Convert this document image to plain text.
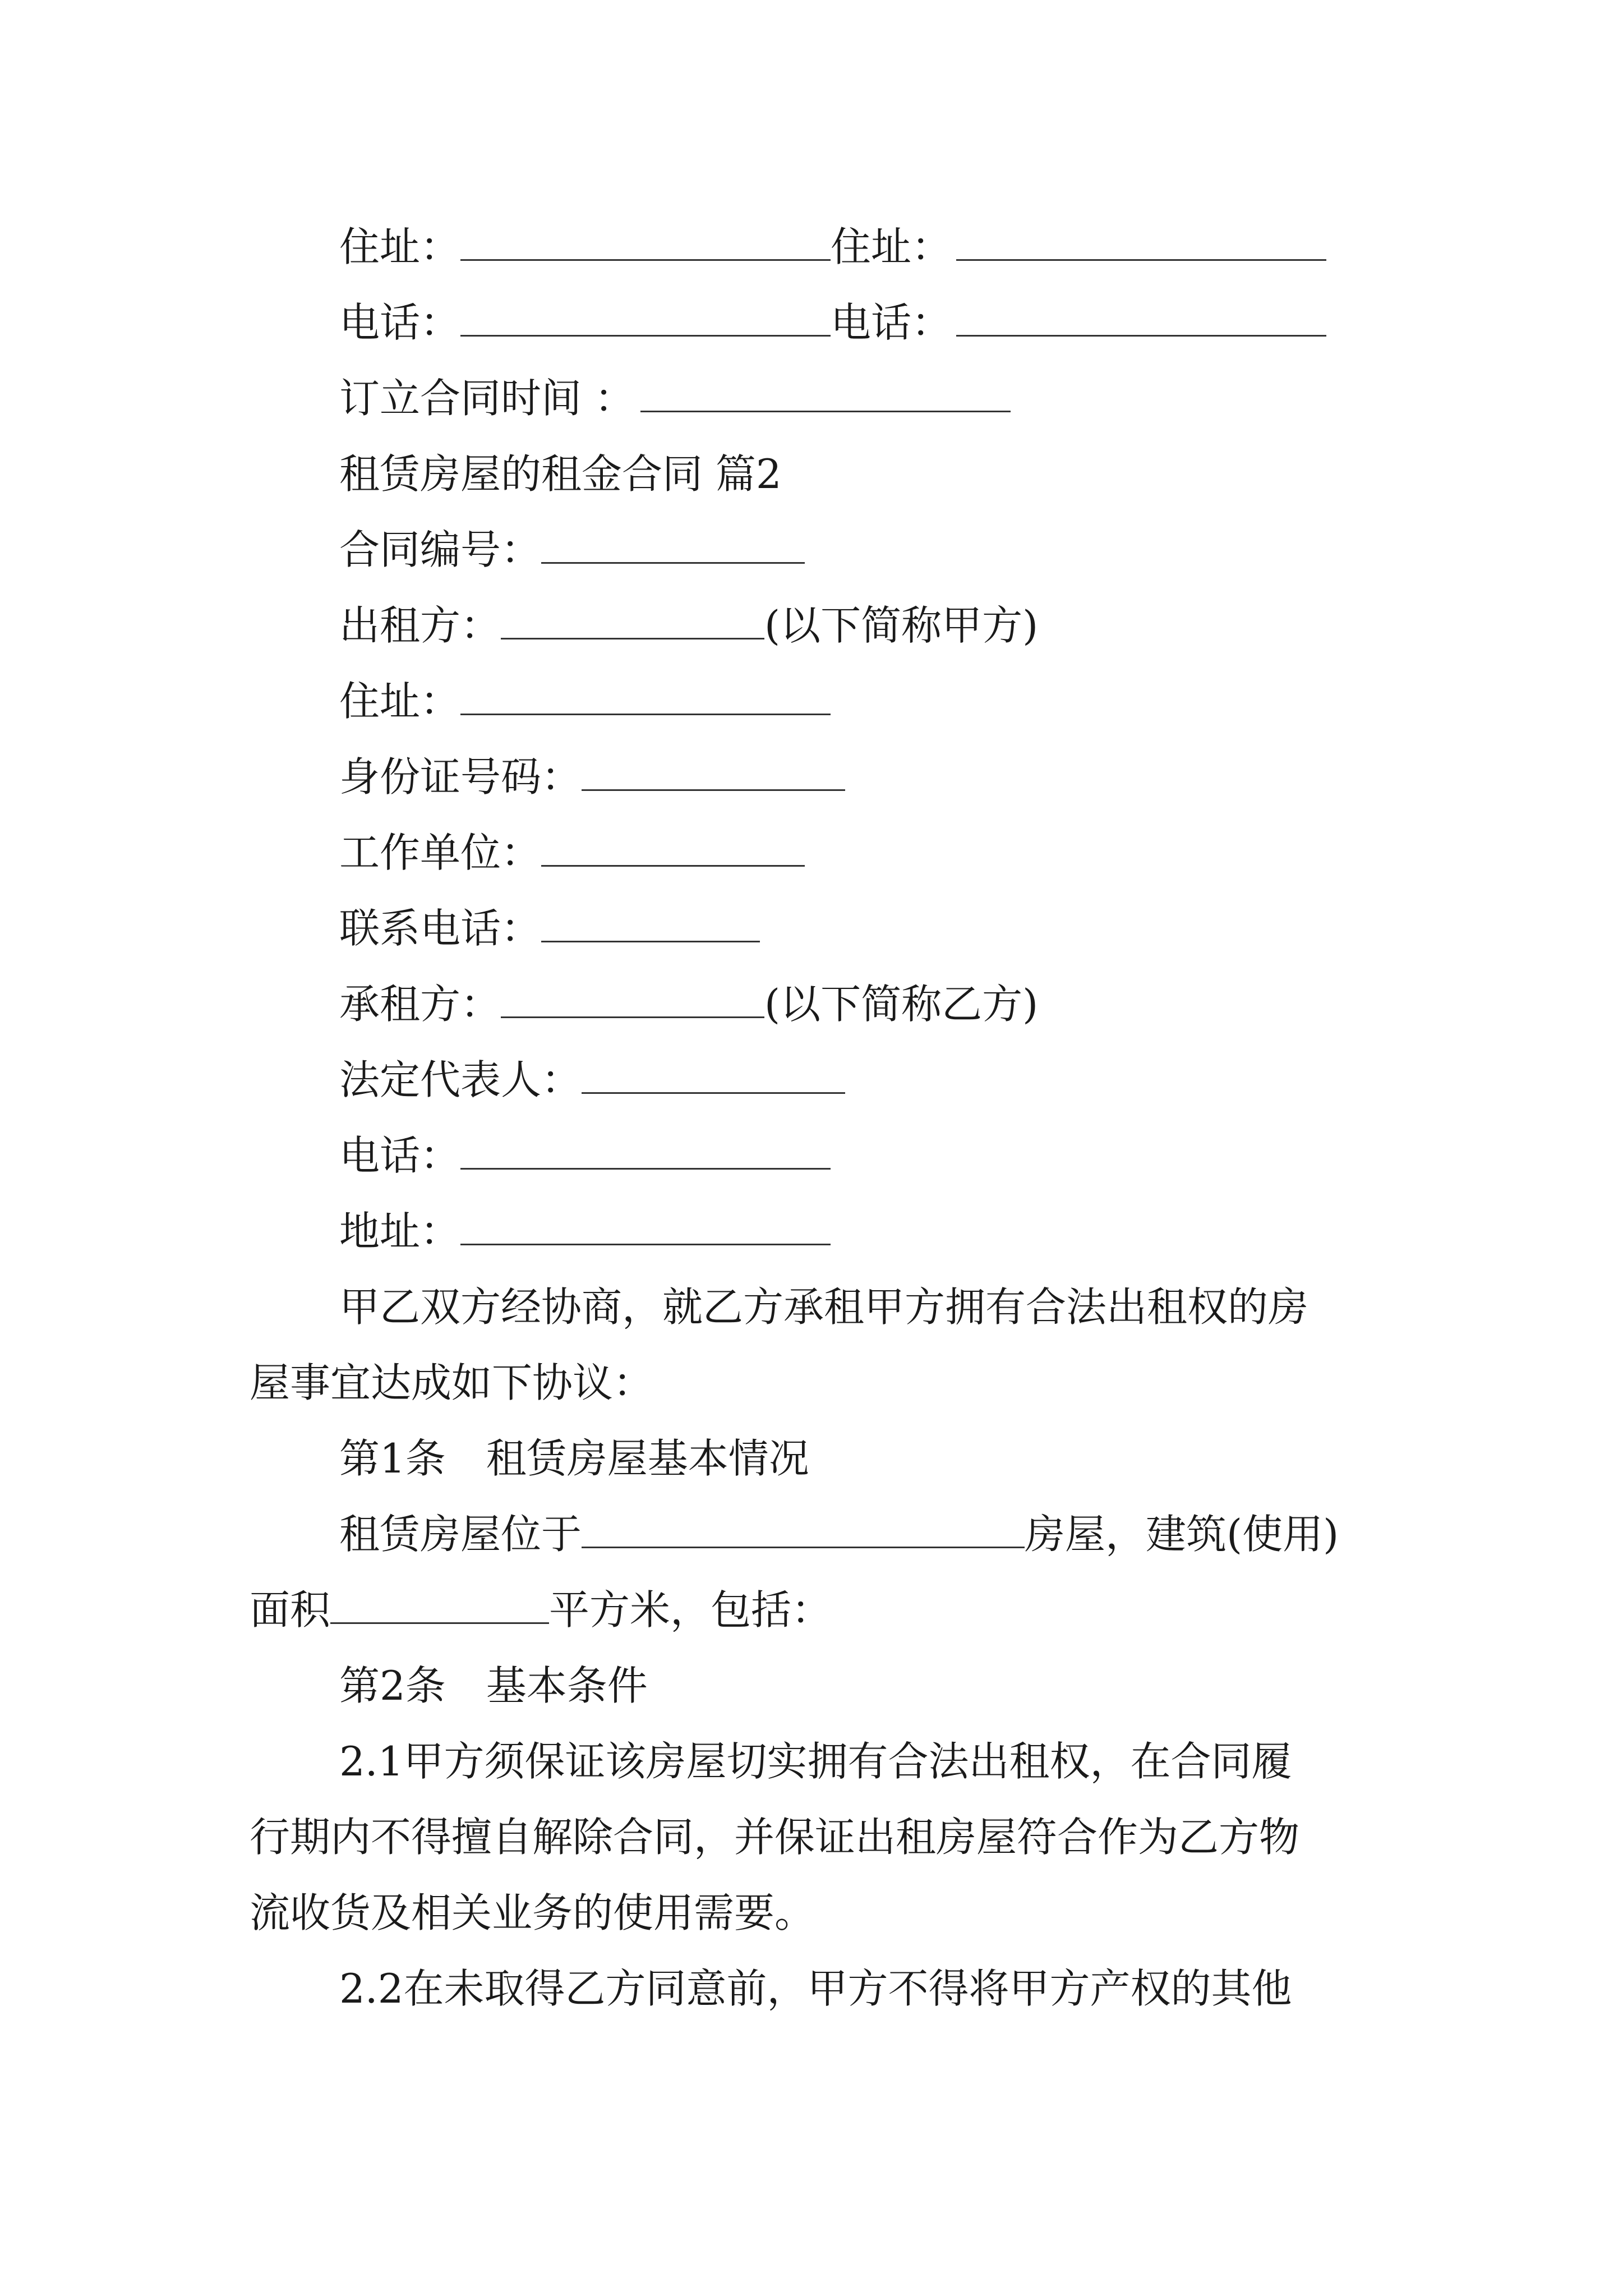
住址：	住址：
电话：	电话：
订立合同时间 ：
租赁房屋的租金合同 篇2
合同编号：
出租方：	(以下简称甲方)
住址：
身份证号码：
工作单位：
联系电话：
承租方：	(以下简称乙方)
法定代表人：
电话：
地址：
甲乙双方经协商，就乙方承租甲方拥有合法出租权的房
屋事宜达成如下协议：
第1条　租赁房屋基本情况
租赁房屋位于	房屋，建筑(使用)
面积	平方米，包括：
第2条　基本条件
2.1甲方须保证该房屋切实拥有合法出租权，在合同履
行期内不得擅自解除合同，并保证出租房屋符合作为乙方物
流收货及相关业务的使用需要。
2.2在未取得乙方同意前，甲方不得将甲方产权的其他
